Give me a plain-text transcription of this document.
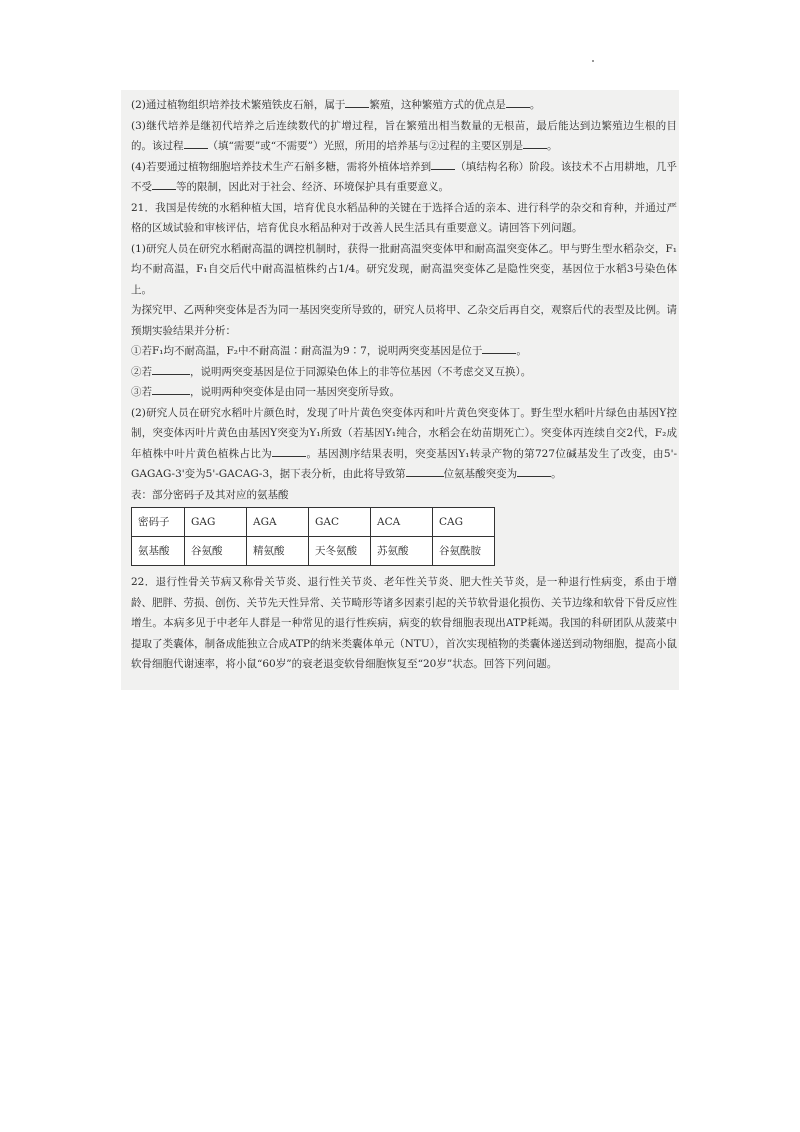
(2)通过植物组织培养技术繁殖铁皮石斛，属于 繁殖，这种繁殖方式的优点是 。

(3)继代培养是继初代培养之后连续数代的扩增过程，旨在繁殖出相当数量的无根苗，最后能达到边繁殖边生根的目的。该过程 （填“需要”或“不需要”）光照，所用的培养基与②过程的主要区别是 。

(4)若要通过植物细胞培养技术生产石斛多糖，需将外植体培养到 （填结构名称）阶段。该技术不占用耕地，几乎不受 等的限制，因此对于社会、经济、环境保护具有重要意义。

21．我国是传统的水稻种植大国，培育优良水稻品种的关键在于选择合适的亲本、进行科学的杂交和育种，并通过严格的区域试验和审核评估，培育优良水稻品种对于改善人民生活具有重要意义。请回答下列问题。

(1)研究人员在研究水稻耐高温的调控机制时，获得一批耐高温突变体甲和耐高温突变体乙。甲与野生型水稻杂交，F₁均不耐高温，F₁自交后代中耐高温植株约占1/4。研究发现，耐高温突变体乙是隐性突变，基因位于水稻3号染色体上。

为探究甲、乙两种突变体是否为同一基因突变所导致的，研究人员将甲、乙杂交后再自交，观察后代的表型及比例。请预期实验结果并分析：

①若F₁均不耐高温，F₂中不耐高温∶耐高温为9∶7，说明两突变基因是位于	。

②若	，说明两突变基因是位于同源染色体上的非等位基因（不考虑交叉互换）。

③若	，说明两种突变体是由同一基因突变所导致。

(2)研究人员在研究水稻叶片颜色时，发现了叶片黄色突变体丙和叶片黄色突变体丁。野生型水稻叶片绿色由基因Y控制，突变体丙叶片黄色由基因Y突变为Y₁所致（若基因Y₁纯合，水稻会在幼苗期死亡）。突变体丙连续自交2代，F₂成年植株中叶片黄色植株占比为	。基因测序结果表明，突变基因Y₁转录产物的第727位碱基发生了改变，由5'-GAGAG-3'变为5'-GACAG-3，据下表分析，由此将导致第	位氨基酸突变为	。

表：部分密码子及其对应的氨基酸

密码子	GAG	AGA	GAC	ACA	CAG
氨基酸	谷氨酸	精氨酸	天冬氨酸	苏氨酸	谷氨酰胺

22．退行性骨关节病又称骨关节炎、退行性关节炎、老年性关节炎、肥大性关节炎，是一种退行性病变，系由于增龄、肥胖、劳损、创伤、关节先天性异常、关节畸形等诸多因素引起的关节软骨退化损伤、关节边缘和软骨下骨反应性增生。本病多见于中老年人群是一种常见的退行性疾病，病变的软骨细胞表现出ATP耗竭。我国的科研团队从菠菜中提取了类囊体，制备成能独立合成ATP的纳米类囊体单元（NTU），首次实现植物的类囊体递送到动物细胞，提高小鼠软骨细胞代谢速率，将小鼠“60岁”的衰老退变软骨细胞恢复至“20岁”状态。回答下列问题。
